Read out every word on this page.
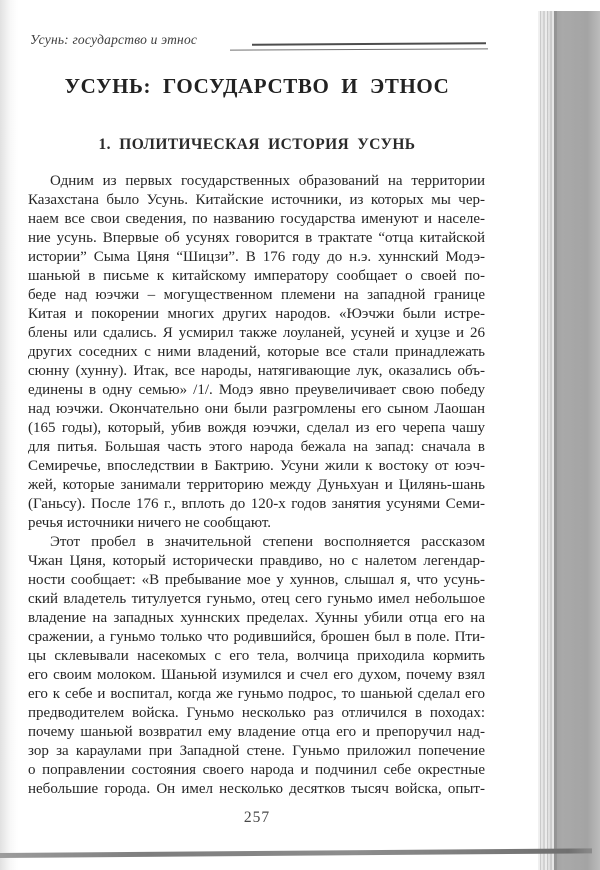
Усунь: государство и этнос
УСУНЬ: ГОСУДАРСТВО И ЭТНОС
1. ПОЛИТИЧЕСКАЯ ИСТОРИЯ УСУНЬ
Одним из первых государственных образований на территории
Казахстана было Усунь. Китайские источники, из которых мы чер-
наем все свои сведения, по названию государства именуют и населе-
ние усунь. Впервые об усунях говорится в трактате “отца китайской
истории” Сыма Цяня “Шицзи”. В 176 году до н.э. хуннский Модэ-
шаньюй в письме к китайскому императору сообщает о своей по-
беде над юэчжи – могущественном племени на западной границе
Китая и покорении многих других народов. «Юэчжи были истре-
блены или сдались. Я усмирил также лоуланей, усуней и хуцзе и 26
других соседних с ними владений, которые все стали принадлежать
сюнну (хунну). Итак, все народы, натягивающие лук, оказались объ-
единены в одну семью» /1/. Модэ явно преувеличивает свою победу
над юэчжи. Окончательно они были разгромлены его сыном Лаошан
(165 годы), который, убив вождя юэчжи, сделал из его черепа чашу
для питья. Большая часть этого народа бежала на запад: сначала в
Семиречье, впоследствии в Бактрию. Усуни жили к востоку от юэч-
жей, которые занимали территорию между Дуньхуан и Цилянь-шань
(Ганьсу). После 176 г., вплоть до 120-х годов занятия усунями Семи-
речья источники ничего не сообщают.
Этот пробел в значительной степени восполняется рассказом
Чжан Цяня, который исторически правдиво, но с налетом легендар-
ности сообщает: «В пребывание мое у хуннов, слышал я, что усунь-
ский владетель титулуется гуньмо, отец сего гуньмо имел небольшое
владение на западных хуннских пределах. Хунны убили отца его на
сражении, а гуньмо только что родившийся, брошен был в поле. Пти-
цы склевывали насекомых с его тела, волчица приходила кормить
его своим молоком. Шаньюй изумился и счел его духом, почему взял
его к себе и воспитал, когда же гуньмо подрос, то шаньюй сделал его
предводителем войска. Гуньмо несколько раз отличился в походах:
почему шаньюй возвратил ему владение отца его и препоручил над-
зор за караулами при Западной стене. Гуньмо приложил попечение
о поправлении состояния своего народа и подчинил себе окрестные
небольшие города. Он имел несколько десятков тысяч войска, опыт-
257
